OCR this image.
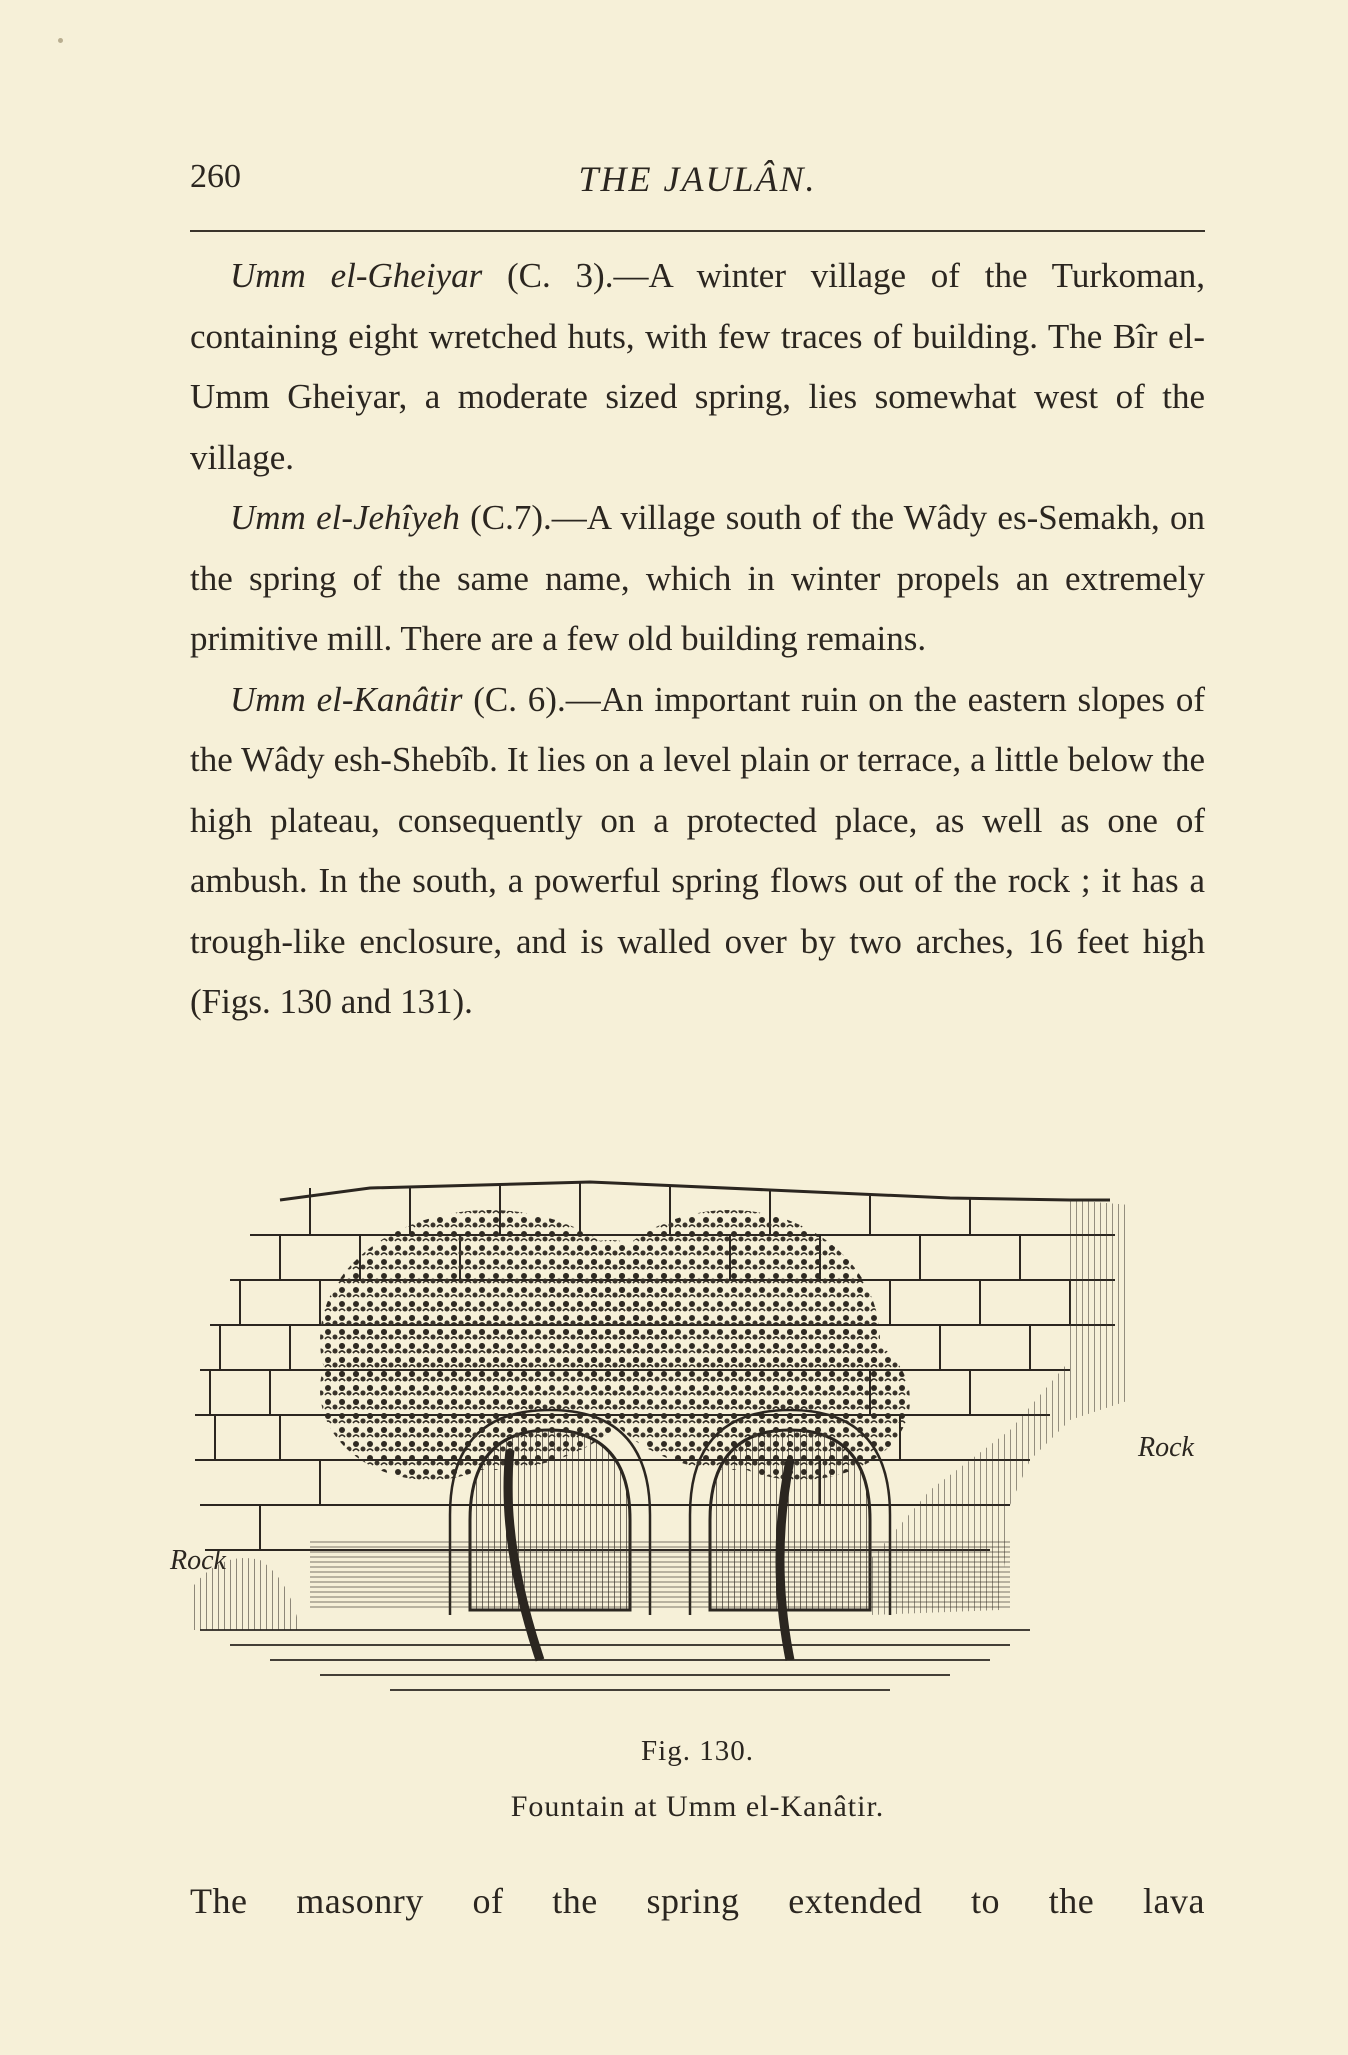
260	THE JAULÂN.

Umm el-Gheiyar (C. 3).—A winter village of the Turkoman, containing eight wretched huts, with few traces of building. The Bîr el-Umm Gheiyar, a moderate sized spring, lies somewhat west of the village.

Umm el-Jehîyeh (C.7).—A village south of the Wâdy es-Semakh, on the spring of the same name, which in winter propels an extremely primitive mill. There are a few old building remains.

Umm el-Kanâtir (C. 6).—An important ruin on the eastern slopes of the Wâdy esh-Shebîb. It lies on a level plain or terrace, a little below the high plateau, consequently on a protected place, as well as one of ambush. In the south, a powerful spring flows out of the rock ; it has a trough-like enclosure, and is walled over by two arches, 16 feet high (Figs. 130 and 131).

Rock
Rock
Fig. 130.
Fountain at Umm el-Kanâtir.
The masonry of the spring extended to the lava
